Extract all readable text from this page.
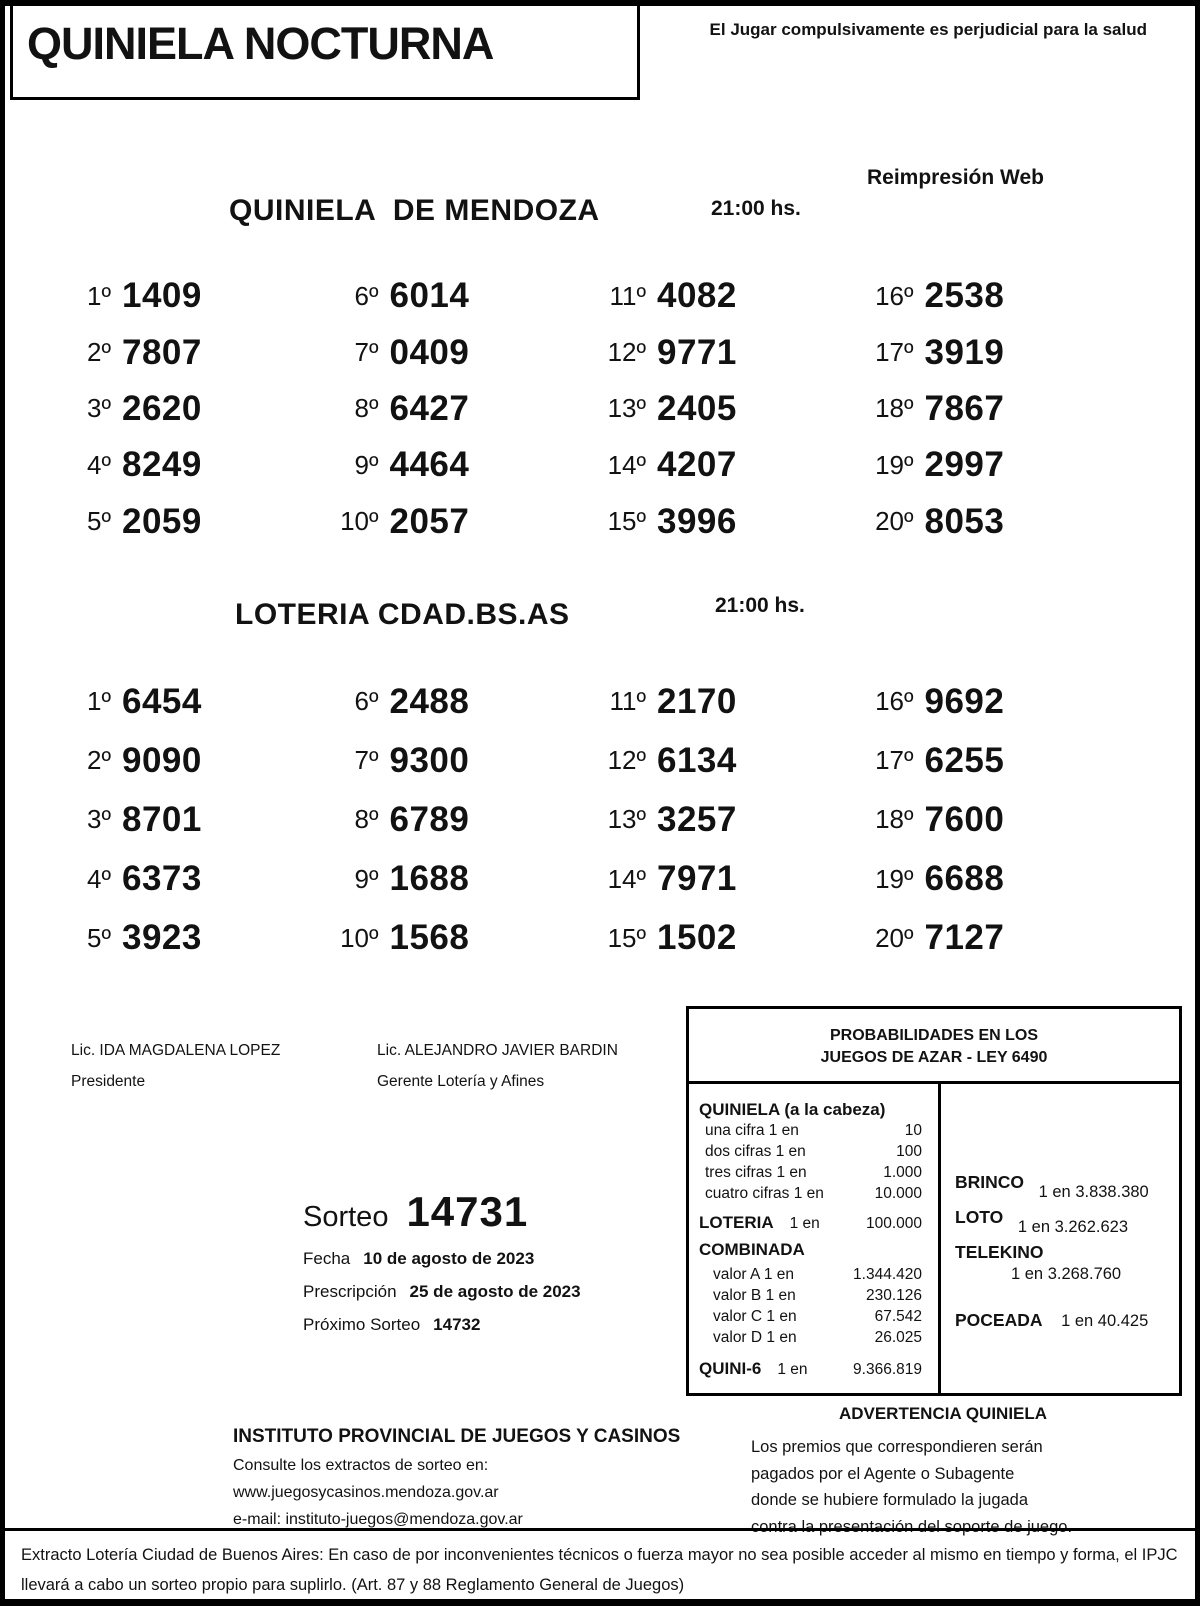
QUINIELA NOCTURNA	El Jugar compulsivamente es perjudicial para la salud
Reimpresión Web
QUINIELA  DE MENDOZA	21:00 hs.
1º 1409
2º 7807
3º 2620
4º 8249
5º 2059
6º 6014
7º 0409
8º 6427
9º 4464
10º 2057
11º 4082
12º 9771
13º 2405
14º 4207
15º 3996
16º 2538
17º 3919
18º 7867
19º 2997
20º 8053
LOTERIA CDAD.BS.AS	21:00 hs.
1º 6454
2º 9090
3º 8701
4º 6373
5º 3923
6º 2488
7º 9300
8º 6789
9º 1688
10º 1568
11º 2170
12º 6134
13º 3257
14º 7971
15º 1502
16º 9692
17º 6255
18º 7600
19º 6688
20º 7127
Lic. IDA MAGDALENA LOPEZ
Presidente
Lic. ALEJANDRO JAVIER BARDIN
Gerente Lotería y Afines
PROBABILIDADES EN LOS
JUEGOS DE AZAR - LEY 6490
QUINIELA (a la cabeza)
una cifra 1 en	10
dos cifras 1 en	100
tres cifras 1 en	1.000
cuatro cifras 1 en	10.000
LOTERIA 1 en	100.000
COMBINADA
valor A 1 en	1.344.420
valor B 1 en	230.126
valor C 1 en	67.542
valor D 1 en	26.025
QUINI-6 1 en	9.366.819
BRINCO 1 en 3.838.380
LOTO 1 en 3.262.623
TELEKINO
1 en 3.268.760
POCEADA 1 en 40.425
Sorteo 14731
Fecha 10 de agosto de 2023
Prescripción 25 de agosto de 2023
Próximo Sorteo 14732
INSTITUTO PROVINCIAL DE JUEGOS Y CASINOS
Consulte los extractos de sorteo en:
www.juegosycasinos.mendoza.gov.ar
e-mail: instituto-juegos@mendoza.gov.ar
ADVERTENCIA QUINIELA
Los premios que correspondieren serán
pagados por el Agente o Subagente
donde se hubiere formulado la jugada
contra la presentación del soporte de juego.
Extracto Lotería Ciudad de Buenos Aires: En caso de por inconvenientes técnicos o fuerza mayor no sea posible acceder al mismo en tiempo y forma, el IPJC llevará a cabo un sorteo propio para suplirlo. (Art. 87 y 88 Reglamento General de Juegos)
